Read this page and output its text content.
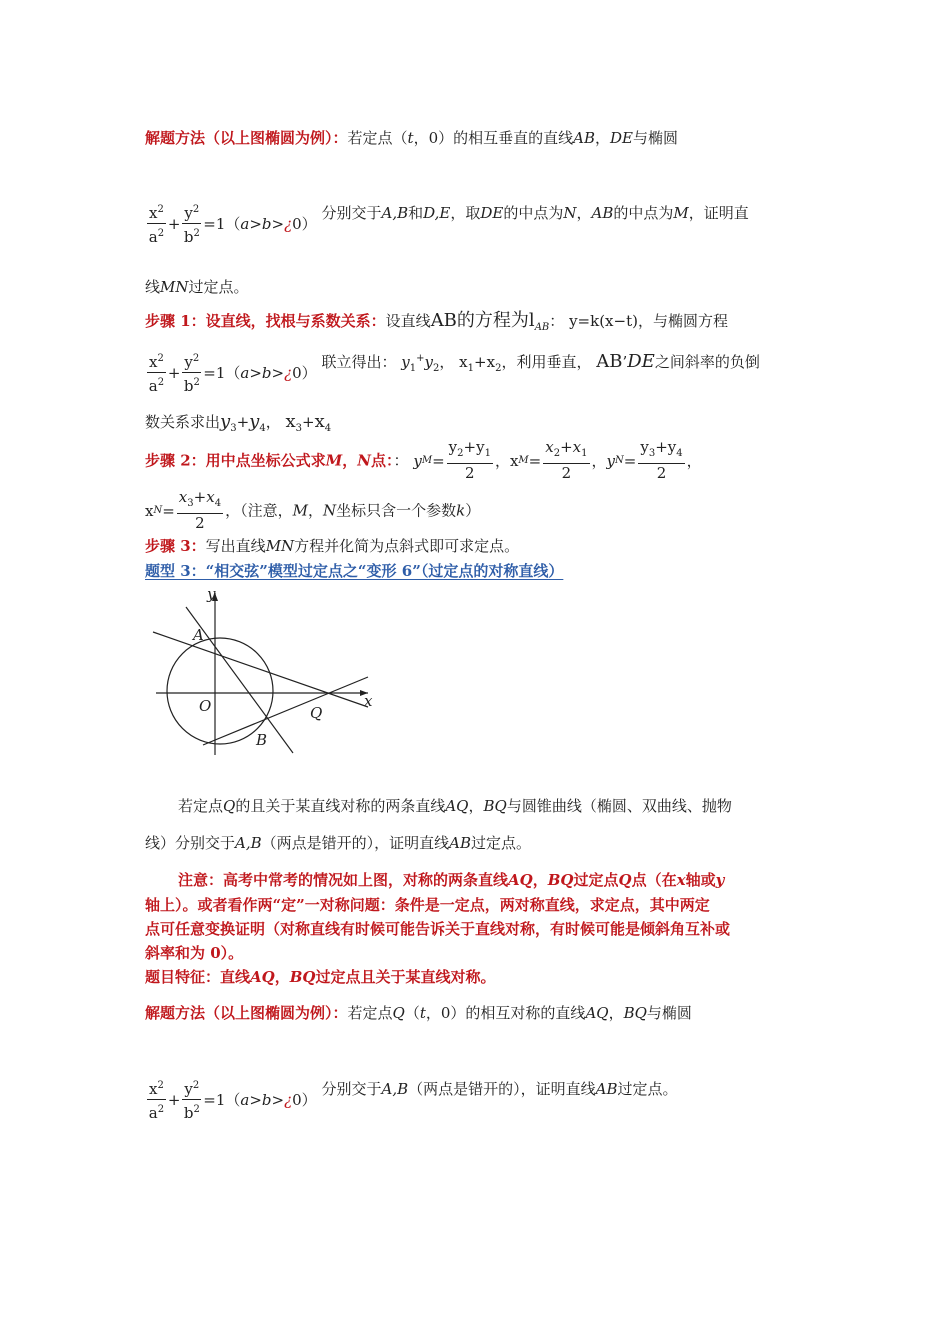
解题方法（以上图椭圆为例）：若定点（t，0）的相互垂直的直线AB，DE与椭圆
$\frac{x^2}{a^2} + \frac{y^2}{b^2} =1$（ a>b> ¿ 0）
分别交于A,B和D,E，取DE的中点为N，AB的中点为M，证明直
线MN过定点。
步骤 1：设直线，找根与系数关系：设直线AB的方程为$l_{AB}$： y=k(x−t)，与椭圆方程
$\frac{x^2}{a^2} + \frac{y^2}{b^2} =1$（ a>b> ¿ 0）
联立得出： $y_1^+y_2$， $x_1+x_2$，利用垂直， AB’DE之间斜率的负倒
数关系求出$y_3+y_4$， $x_3+x_4$
步骤 2：用中点坐标公式求M，N点：： y $M = \frac{y_2+y_1}{2}$ ， x $M = \frac{x_2+x_1}{2}$ ， y $N = \frac{y_3+y_4}{2}$ ，
x $N = \frac{x_3+x_4}{2}$ ，（注意，M，N坐标只含一个参数k）
步骤 3：写出直线MN方程并化简为点斜式即可求定点。
题型 3：“相交弦”模型过定点之“变形 6”（过定点的对称直线）
y
x
A
B
O	Q
若定点Q的且关于某直线对称的两条直线AQ，BQ与圆锥曲线（椭圆、双曲线、抛物
线）分别交于A,B（两点是错开的），证明直线AB过定点。
注意：高考中常考的情况如上图，对称的两条直线AQ，BQ过定点Q点（在x轴或y
轴上）。或者看作两“定”一对称问题：条件是一定点，两对称直线，求定点，其中两定
点可任意变换证明（对称直线有时候可能告诉关于直线对称，有时候可能是倾斜角互补或
斜率和为 0）。
题目特征：直线AQ，BQ过定点且关于某直线对称。
解题方法（以上图椭圆为例）：若定点Q（t，0）的相互对称的直线AQ，BQ与椭圆
$\frac{x^2}{a^2} + \frac{y^2}{b^2} =1$（ a>b> ¿ 0）
分别交于A,B（两点是错开的），证明直线AB过定点。
